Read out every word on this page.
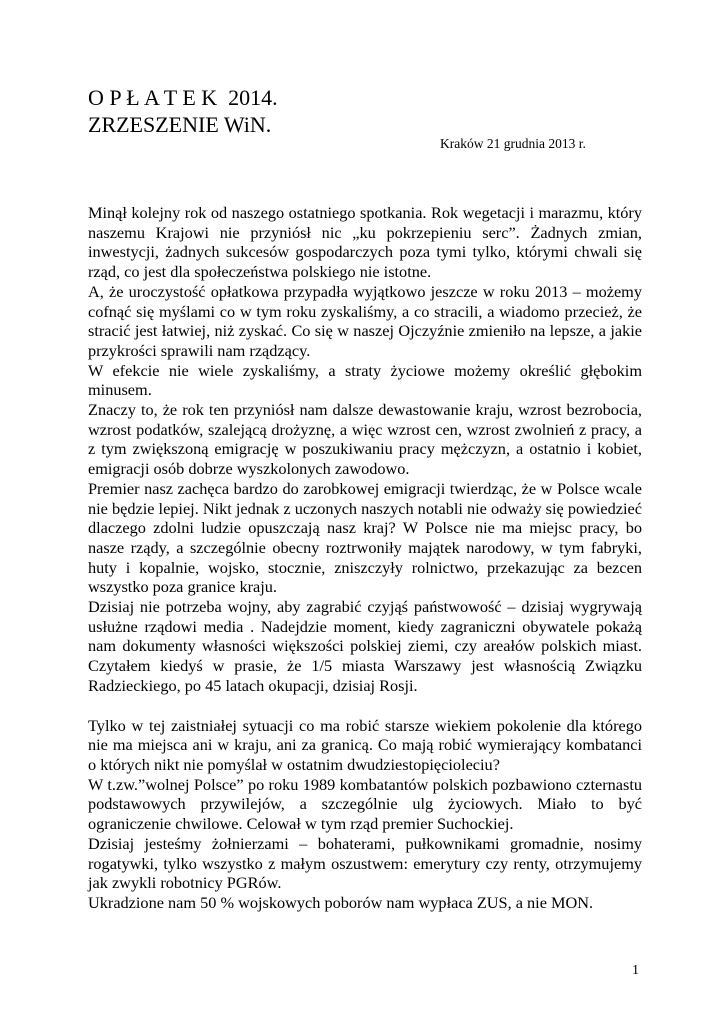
O P Ł A T E K  2014.
ZRZESZENIE WiN.
Kraków 21 grudnia 2013 r.

Minął kolejny rok od naszego ostatniego spotkania. Rok wegetacji i marazmu, który naszemu Krajowi nie przyniósł nic „ku pokrzepieniu serc”. Żadnych zmian, inwestycji, żadnych sukcesów gospodarczych poza tymi tylko, którymi chwali się rząd, co jest dla społeczeństwa polskiego nie istotne.

A, że uroczystość opłatkowa przypadła wyjątkowo jeszcze w roku 2013 – możemy cofnąć się myślami co w tym roku zyskaliśmy, a co stracili, a wiadomo przecież, że stracić jest łatwiej, niż zyskać. Co się w naszej Ojczyźnie zmieniło na lepsze, a jakie przykrości sprawili nam rządzący.

W efekcie nie wiele zyskaliśmy, a straty życiowe możemy określić głębokim minusem.

Znaczy to, że rok ten przyniósł nam dalsze dewastowanie kraju, wzrost bezrobocia, wzrost podatków, szalejącą drożyznę, a więc wzrost cen, wzrost zwolnień z pracy, a z tym zwiększoną emigrację w poszukiwaniu pracy mężczyzn, a ostatnio i kobiet, emigracji osób dobrze wyszkolonych zawodowo.

Premier nasz zachęca bardzo do zarobkowej emigracji twierdząc, że w Polsce wcale nie będzie lepiej. Nikt jednak z uczonych naszych notabli nie odważy się powiedzieć dlaczego zdolni ludzie opuszczają nasz kraj? W Polsce nie ma miejsc pracy, bo nasze rządy, a szczególnie obecny roztrwoniły majątek narodowy, w tym fabryki, huty i kopalnie, wojsko, stocznie, zniszczyły rolnictwo, przekazując za bezcen wszystko poza granice kraju.

Dzisiaj nie potrzeba wojny, aby zagrabić czyjąś państwowość – dzisiaj wygrywają usłużne rządowi media . Nadejdzie moment, kiedy zagraniczni obywatele pokażą nam dokumenty własności większości polskiej ziemi, czy areałów polskich miast. Czytałem kiedyś w prasie, że 1/5 miasta Warszawy jest własnością Związku Radzieckiego, po 45 latach okupacji, dzisiaj Rosji.

Tylko w tej zaistniałej sytuacji co ma robić starsze wiekiem pokolenie dla którego nie ma miejsca ani w kraju, ani za granicą. Co mają robić wymierający kombatanci o których nikt nie pomyślał w ostatnim dwudziestopięcioleciu?

W t.zw.”wolnej Polsce” po roku 1989 kombatantów polskich pozbawiono czternastu podstawowych przywilejów, a szczególnie ulg życiowych. Miało to być ograniczenie chwilowe. Celował w tym rząd premier Suchockiej.

Dzisiaj jesteśmy żołnierzami – bohaterami, pułkownikami gromadnie, nosimy rogatywki, tylko wszystko z małym oszustwem: emerytury czy renty, otrzymujemy jak zwykli robotnicy PGRów.

Ukradzione nam 50 % wojskowych poborów nam wypłaca ZUS, a nie MON.

1
